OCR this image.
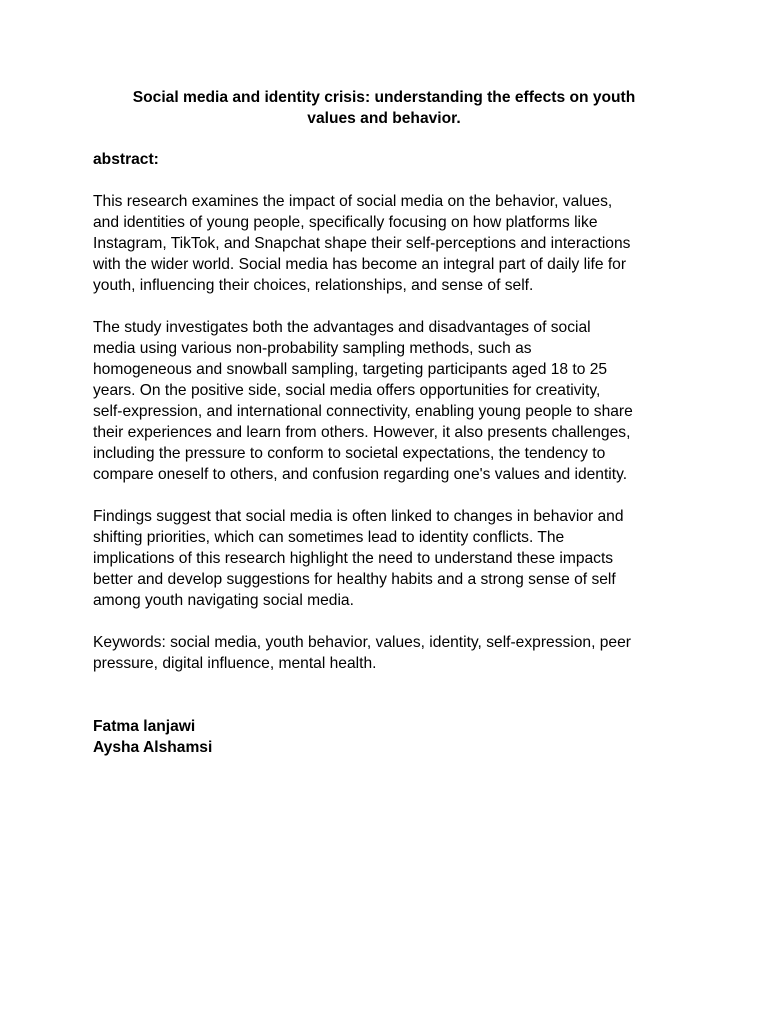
Social media and identity crisis: understanding the effects on youth
values and behavior.
abstract:
This research examines the impact of social media on the behavior, values,
and identities of young people, specifically focusing on how platforms like
Instagram, TikTok, and Snapchat shape their self-perceptions and interactions
with the wider world. Social media has become an integral part of daily life for
youth, influencing their choices, relationships, and sense of self.
The study investigates both the advantages and disadvantages of social
media using various non-probability sampling methods, such as
homogeneous and snowball sampling, targeting participants aged 18 to 25
years. On the positive side, social media offers opportunities for creativity,
self-expression, and international connectivity, enabling young people to share
their experiences and learn from others. However, it also presents challenges,
including the pressure to conform to societal expectations, the tendency to
compare oneself to others, and confusion regarding one's values and identity.
Findings suggest that social media is often linked to changes in behavior and
shifting priorities, which can sometimes lead to identity conflicts. The
implications of this research highlight the need to understand these impacts
better and develop suggestions for healthy habits and a strong sense of self
among youth navigating social media.
Keywords: social media, youth behavior, values, identity, self-expression, peer
pressure, digital influence, mental health.
Fatma lanjawi
Aysha Alshamsi
